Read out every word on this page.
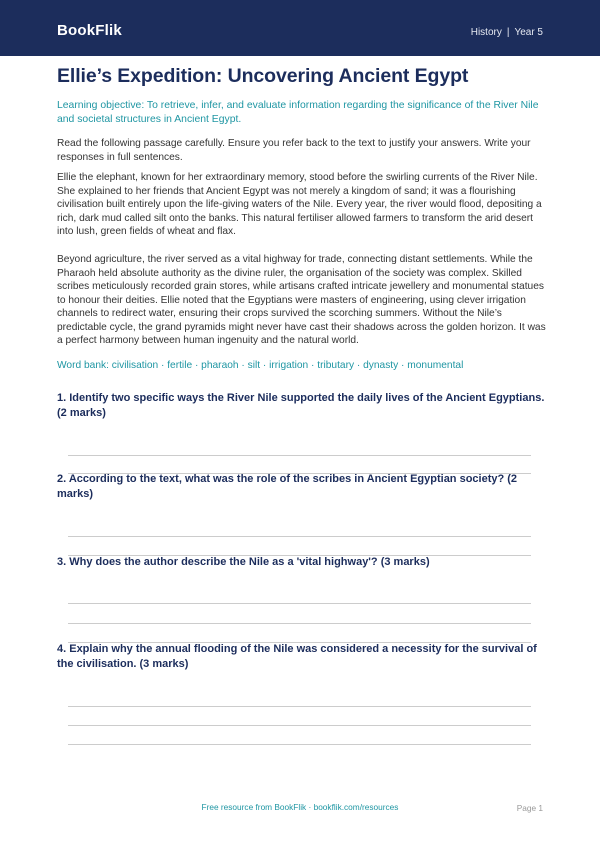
BookFlik	History | Year 5
Ellie’s Expedition: Uncovering Ancient Egypt
Learning objective: To retrieve, infer, and evaluate information regarding the significance of the River Nile and societal structures in Ancient Egypt.
Read the following passage carefully. Ensure you refer back to the text to justify your answers. Write your responses in full sentences.
Ellie the elephant, known for her extraordinary memory, stood before the swirling currents of the River Nile. She explained to her friends that Ancient Egypt was not merely a kingdom of sand; it was a flourishing civilisation built entirely upon the life-giving waters of the Nile. Every year, the river would flood, depositing a rich, dark mud called silt onto the banks. This natural fertiliser allowed farmers to transform the arid desert into lush, green fields of wheat and flax.
Beyond agriculture, the river served as a vital highway for trade, connecting distant settlements. While the Pharaoh held absolute authority as the divine ruler, the organisation of the society was complex. Skilled scribes meticulously recorded grain stores, while artisans crafted intricate jewellery and monumental statues to honour their deities. Ellie noted that the Egyptians were masters of engineering, using clever irrigation channels to redirect water, ensuring their crops survived the scorching summers. Without the Nile’s predictable cycle, the grand pyramids might never have cast their shadows across the golden horizon. It was a perfect harmony between human ingenuity and the natural world.
Word bank: civilisation · fertile · pharaoh · silt · irrigation · tributary · dynasty · monumental
1. Identify two specific ways the River Nile supported the daily lives of the Ancient Egyptians. (2 marks)
2. According to the text, what was the role of the scribes in Ancient Egyptian society? (2 marks)
3. Why does the author describe the Nile as a 'vital highway'? (3 marks)
4. Explain why the annual flooding of the Nile was considered a necessity for the survival of the civilisation. (3 marks)
Free resource from BookFlik · bookflik.com/resources	Page 1
